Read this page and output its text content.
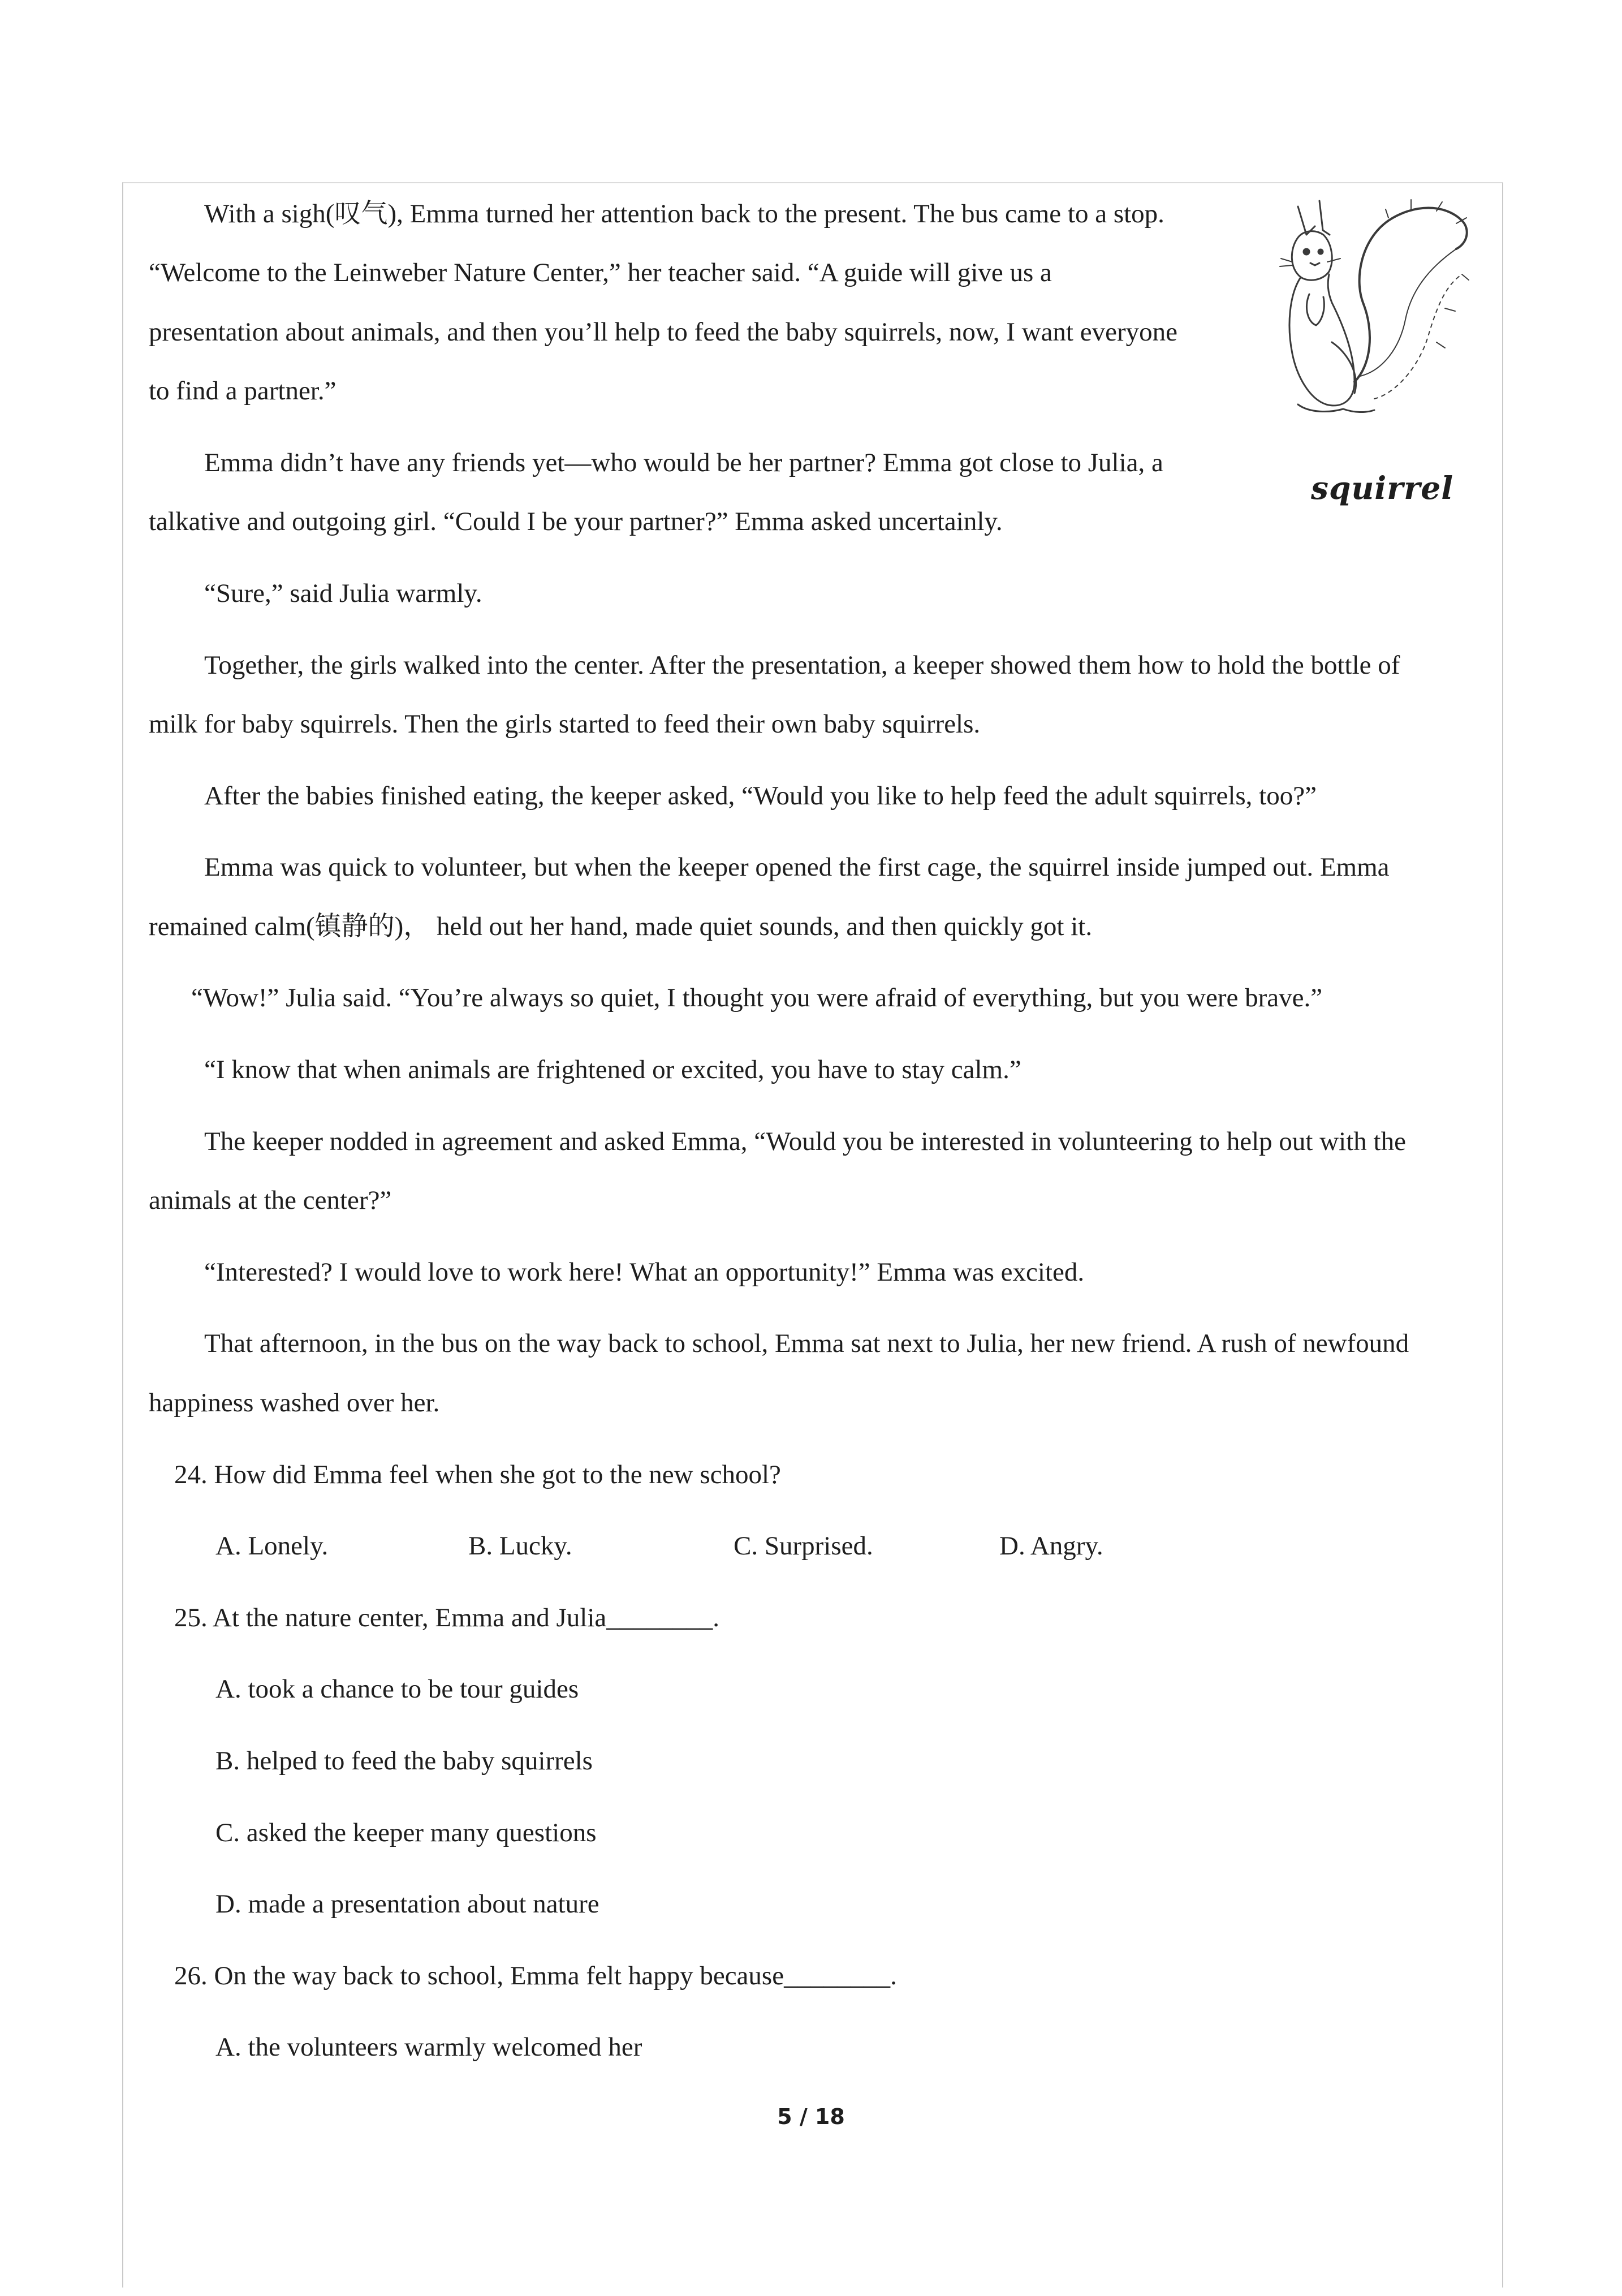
With a sigh(叹气), Emma turned her attention back to the present. The bus came to a stop.
“Welcome to the Leinweber Nature Center,” her teacher said. “A guide will give us a
presentation about animals, and then you’ll help to feed the baby squirrels, now, I want everyone
to find a partner.”
Emma didn’t have any friends yet—who would be her partner? Emma got close to Julia, a
talkative and outgoing girl. “Could I be your partner?” Emma asked uncertainly.
“Sure,” said Julia warmly.
Together, the girls walked into the center. After the presentation, a keeper showed them how to hold the bottle of
milk for baby squirrels. Then the girls started to feed their own baby squirrels.
After the babies finished eating, the keeper asked, “Would you like to help feed the adult squirrels, too?”
Emma was quick to volunteer, but when the keeper opened the first cage, the squirrel inside jumped out. Emma
remained calm(镇静的)， held out her hand, made quiet sounds, and then quickly got it.
“Wow!” Julia said. “You’re always so quiet, I thought you were afraid of everything, but you were brave.”
“I know that when animals are frightened or excited, you have to stay calm.”
The keeper nodded in agreement and asked Emma, “Would you be interested in volunteering to help out with the
animals at the center?”
“Interested? I would love to work here! What an opportunity!” Emma was excited.
That afternoon, in the bus on the way back to school, Emma sat next to Julia, her new friend. A rush of newfound
happiness washed over her.
24. How did Emma feel when she got to the new school?
A. Lonely.	B. Lucky.	C. Surprised.	D. Angry.
25. At the nature center, Emma and Julia________.
A. took a chance to be tour guides
B. helped to feed the baby squirrels
C. asked the keeper many questions
D. made a presentation about nature
26. On the way back to school, Emma felt happy because________.
A. the volunteers warmly welcomed her
squirrel
5 / 18
